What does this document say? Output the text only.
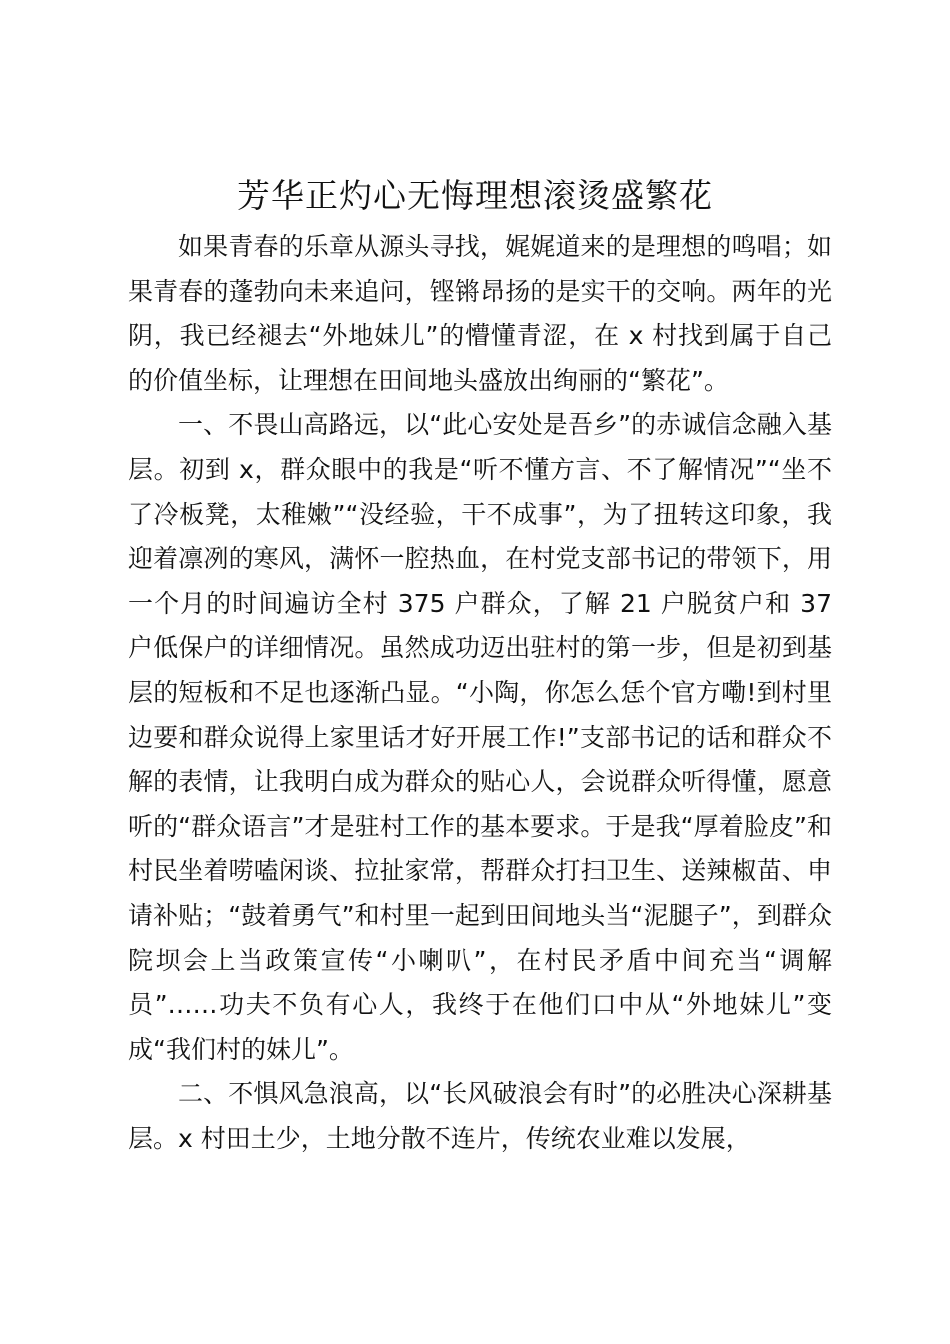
芳华正灼心无悔理想滚烫盛繁花

如果青春的乐章从源头寻找，娓娓道来的是理想的鸣唱；如果青春的蓬勃向未来追问，铿锵昂扬的是实干的交响。两年的光阴，我已经褪去“外地妹儿”的懵懂青涩，在 x 村找到属于自己的价值坐标，让理想在田间地头盛放出绚丽的“繁花”。

一、不畏山高路远，以“此心安处是吾乡”的赤诚信念融入基层。初到 x，群众眼中的我是“听不懂方言、不了解情况”“坐不了冷板凳，太稚嫩”“没经验，干不成事”，为了扭转这印象，我迎着凛冽的寒风，满怀一腔热血，在村党支部书记的带领下，用一个月的时间遍访全村 375 户群众，了解 21 户脱贫户和 37 户低保户的详细情况。虽然成功迈出驻村的第一步，但是初到基层的短板和不足也逐渐凸显。“小陶，你怎么恁个官方嘞!到村里边要和群众说得上家里话才好开展工作!”支部书记的话和群众不解的表情，让我明白成为群众的贴心人，会说群众听得懂，愿意听的“群众语言”才是驻村工作的基本要求。于是我“厚着脸皮”和村民坐着唠嗑闲谈、拉扯家常，帮群众打扫卫生、送辣椒苗、申请补贴；“鼓着勇气”和村里一起到田间地头当“泥腿子”，到群众院坝会上当政策宣传“小喇叭”，在村民矛盾中间充当“调解员”……功夫不负有心人，我终于在他们口中从“外地妹儿”变成“我们村的妹儿”。

二、不惧风急浪高，以“长风破浪会有时”的必胜决心深耕基层。x 村田土少，土地分散不连片，传统农业难以发展，
